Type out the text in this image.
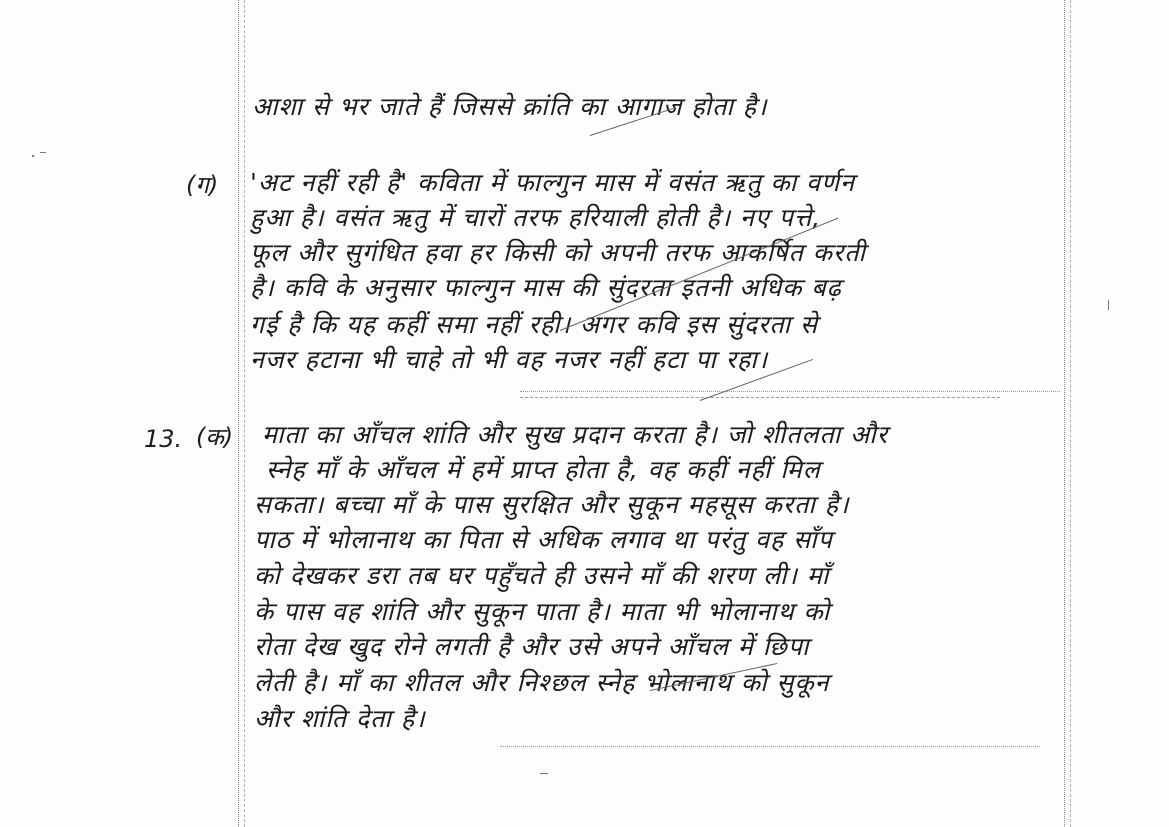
आशा से भर जाते हैं जिससे क्रांति का आगाज होता है।
(ग) 'अट नहीं रही है' कविता में फाल्गुन मास में वसंत ऋतु का वर्णन
हुआ है। वसंत ऋतु में चारों तरफ हरियाली होती है। नए पत्ते,
फूल और सुगंधित हवा हर किसी को अपनी तरफ आकर्षित करती
है। कवि के अनुसार फाल्गुन मास की सुंदरता इतनी अधिक बढ़
गई है कि यह कहीं समा नहीं रही। अगर कवि इस सुंदरता से
नजर हटाना भी चाहे तो भी वह नजर नहीं हटा पा रहा।
13. (क) माता का आँचल शांति और सुख प्रदान करता है। जो शीतलता और
स्नेह माँ के आँचल में हमें प्राप्त होता है, वह कहीं नहीं मिल
सकता। बच्चा माँ के पास सुरक्षित और सुकून महसूस करता है।
पाठ में भोलानाथ का पिता से अधिक लगाव था परंतु वह साँप
को देखकर डरा तब घर पहुँचते ही उसने माँ की शरण ली। माँ
के पास वह शांति और सुकून पाता है। माता भी भोलानाथ को
रोता देख खुद रोने लगती है और उसे अपने आँचल में छिपा
लेती है। माँ का शीतल और निश्छल स्नेह भोलानाथ को सुकून
और शांति देता है।
